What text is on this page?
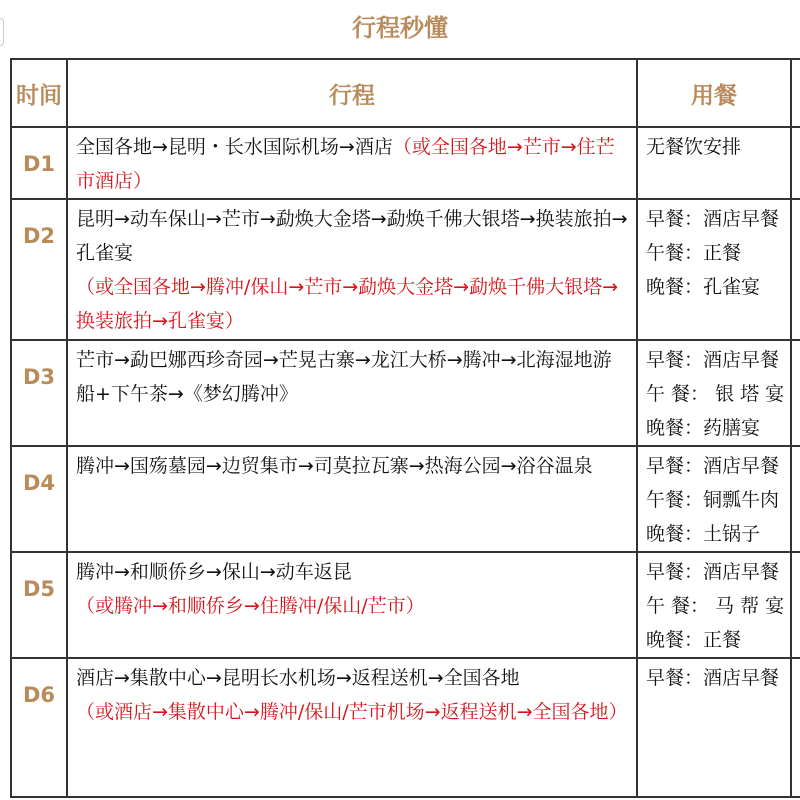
行程秒懂
时间	行程	用餐	
D1	全国各地→昆明・长水国际机场→酒店（或全国各地→芒市→住芒市酒店）	无餐饮安排	

D2	昆明→动车保山→芒市→勐焕大金塔→勐焕千佛大银塔→换装旅拍→孔雀宴
（或全国各地→腾冲/保山→芒市→勐焕大金塔→勐焕千佛大银塔→换装旅拍→孔雀宴）	早餐：酒店早餐
午餐：正餐
晚餐：孔雀宴	

D3	芒市→勐巴娜西珍奇园→芒晃古寨→龙江大桥→腾冲→北海湿地游船+下午茶→《梦幻腾冲》	早餐：酒店早餐
午 餐： 银 塔 宴
晚餐：药膳宴	

D4	腾冲→国殇墓园→边贸集市→司莫拉瓦寨→热海公园→浴谷温泉	早餐：酒店早餐
午餐：铜瓢牛肉
晚餐：土锅子	

D5	腾冲→和顺侨乡→保山→动车返昆
（或腾冲→和顺侨乡→住腾冲/保山/芒市）	早餐：酒店早餐
午 餐： 马 帮 宴
晚餐：正餐	

D6	酒店→集散中心→昆明长水机场→返程送机→全国各地
（或酒店→集散中心→腾冲/保山/芒市机场→返程送机→全国各地）	早餐：酒店早餐	
